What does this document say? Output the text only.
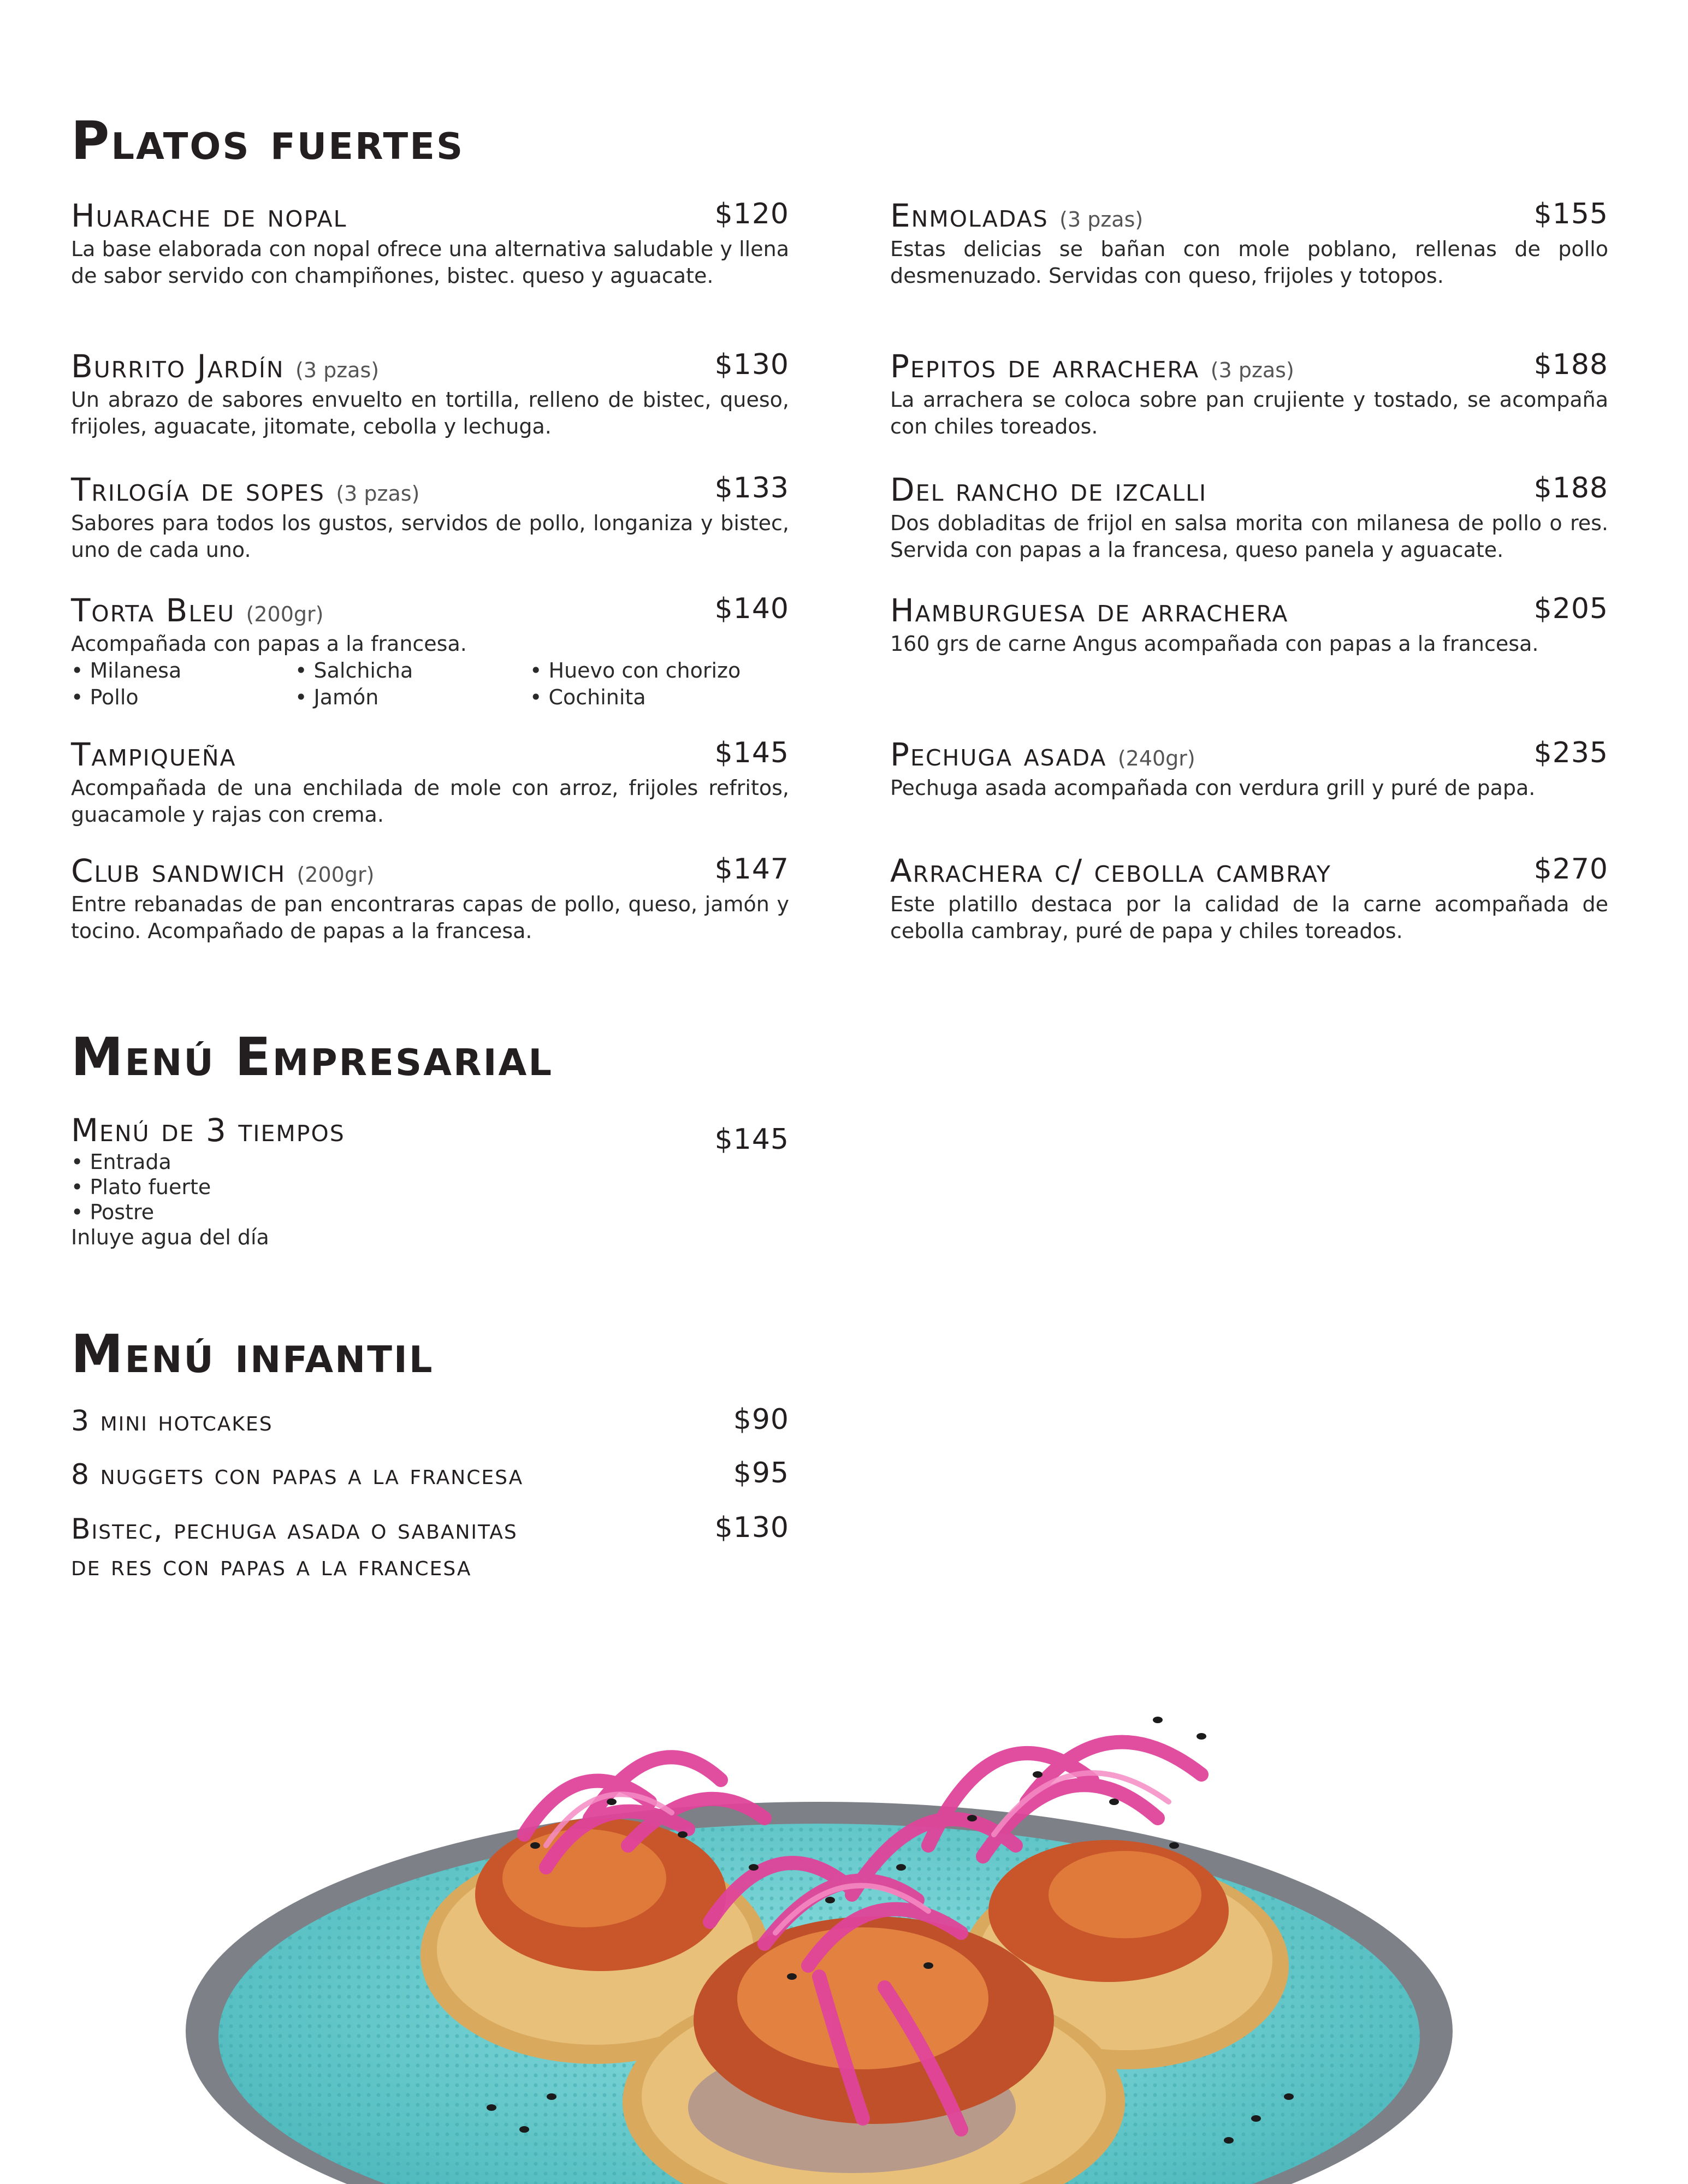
Platos fuertes
Huarache de nopal	$120

La base elaborada con nopal ofrece una alternativa saludable y llena de sabor servido con champiñones, bistec. queso y aguacate.

Burrito Jardín (3 pzas)	$130

Un abrazo de sabores envuelto en tortilla, relleno de bistec, queso, frijoles, aguacate, jitomate, cebolla y lechuga.

Trilogía de sopes (3 pzas)	$133

Sabores para todos los gustos, servidos de pollo, longaniza y bistec, uno de cada uno.

Torta Bleu (200gr)	$140

Acompañada con papas a la francesa.

• Milanesa	• Salchicha	• Huevo con chorizo
• Pollo	• Jamón	• Cochinita
Tampiqueña	$145

Acompañada de una enchilada de mole con arroz, frijoles refritos, guacamole y rajas con crema.

Club sandwich (200gr)	$147

Entre rebanadas de pan encontraras capas de pollo, queso, jamón y tocino. Acompañado de papas a la francesa.

Enmoladas (3 pzas)	$155

Estas delicias se bañan con mole poblano, rellenas de pollo desmenuzado. Servidas con queso, frijoles y totopos.

Pepitos de arrachera (3 pzas)	$188

La arrachera se coloca sobre pan crujiente y tostado, se acompaña con chiles toreados.

Del rancho de izcalli	$188

Dos dobladitas de frijol en salsa morita con milanesa de pollo o res. Servida con papas a la francesa, queso panela y aguacate.

Hamburguesa de arrachera	$205

160 grs de carne Angus acompañada con papas a la francesa.

Pechuga asada (240gr)	$235

Pechuga asada acompañada con verdura grill y puré de papa.

Arrachera c/ cebolla cambray	$270

Este platillo destaca por la calidad de la carne acompañada de cebolla cambray, puré de papa y chiles toreados.

Menú Empresarial
Menú de 3 tiempos	$145
• Entrada
• Plato fuerte
• Postre
Inluye agua del día
Menú infantil
3 mini hotcakes	$90
8 nuggets con papas a la francesa	$95
Bistec, pechuga asada o sabanitas	$130
de res con papas a la francesa
